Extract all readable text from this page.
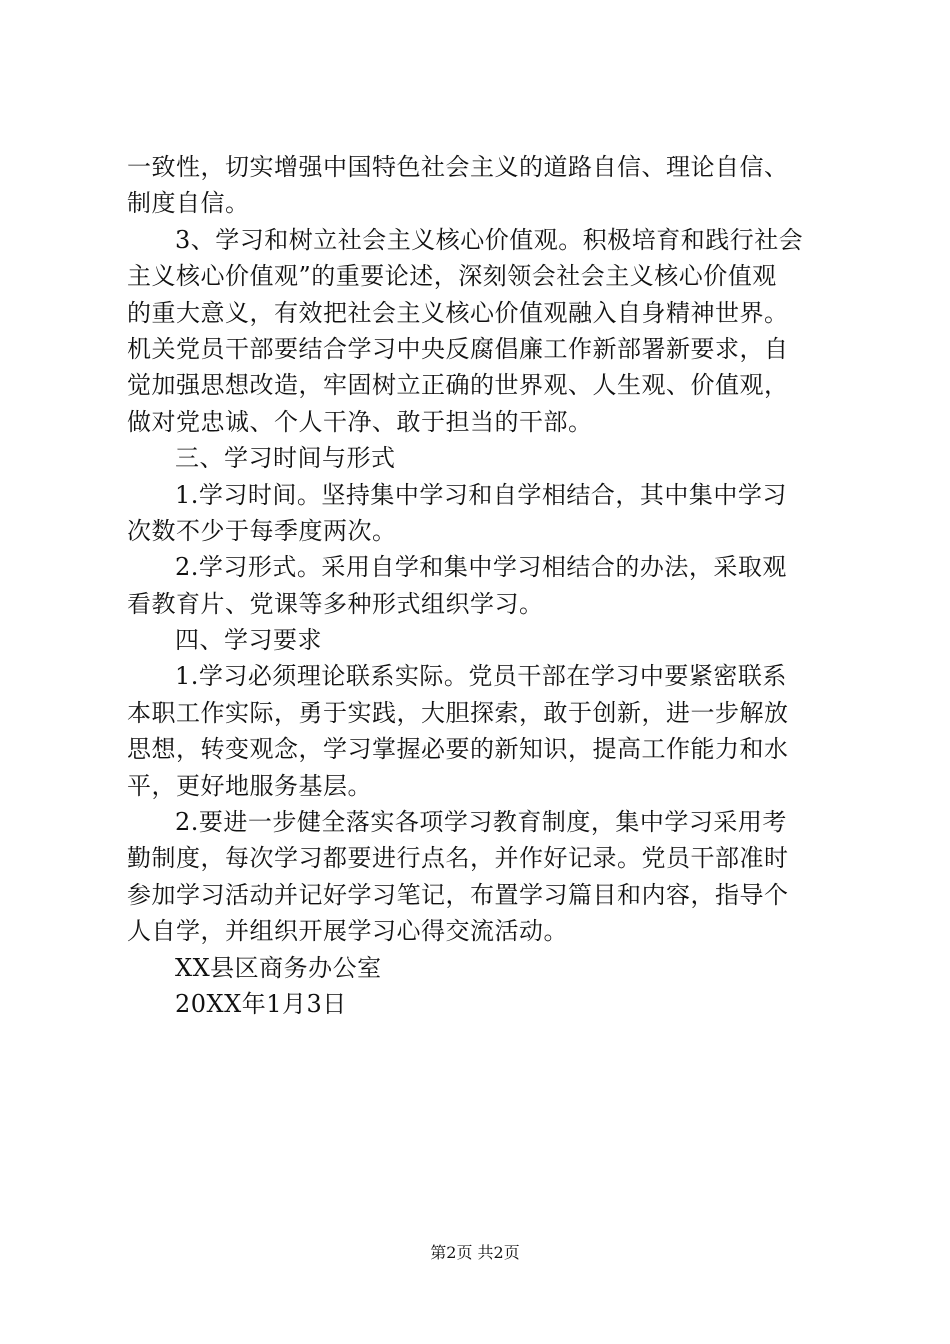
一致性，切实增强中国特色社会主义的道路自信、理论自信、
制度自信。
3、学习和树立社会主义核心价值观。积极培育和践行社会
主义核心价值观”的重要论述，深刻领会社会主义核心价值观
的重大意义，有效把社会主义核心价值观融入自身精神世界。
机关党员干部要结合学习中央反腐倡廉工作新部署新要求，自
觉加强思想改造，牢固树立正确的世界观、人生观、价值观，
做对党忠诚、个人干净、敢于担当的干部。
三、学习时间与形式
1.学习时间。坚持集中学习和自学相结合，其中集中学习
次数不少于每季度两次。
2.学习形式。采用自学和集中学习相结合的办法，采取观
看教育片、党课等多种形式组织学习。
四、学习要求
1.学习必须理论联系实际。党员干部在学习中要紧密联系
本职工作实际，勇于实践，大胆探索，敢于创新，进一步解放
思想，转变观念，学习掌握必要的新知识，提高工作能力和水
平，更好地服务基层。
2.要进一步健全落实各项学习教育制度，集中学习采用考
勤制度，每次学习都要进行点名，并作好记录。党员干部准时
参加学习活动并记好学习笔记，布置学习篇目和内容，指导个
人自学，并组织开展学习心得交流活动。
XX县区商务办公室
20XX年1月3日
第2页 共2页
